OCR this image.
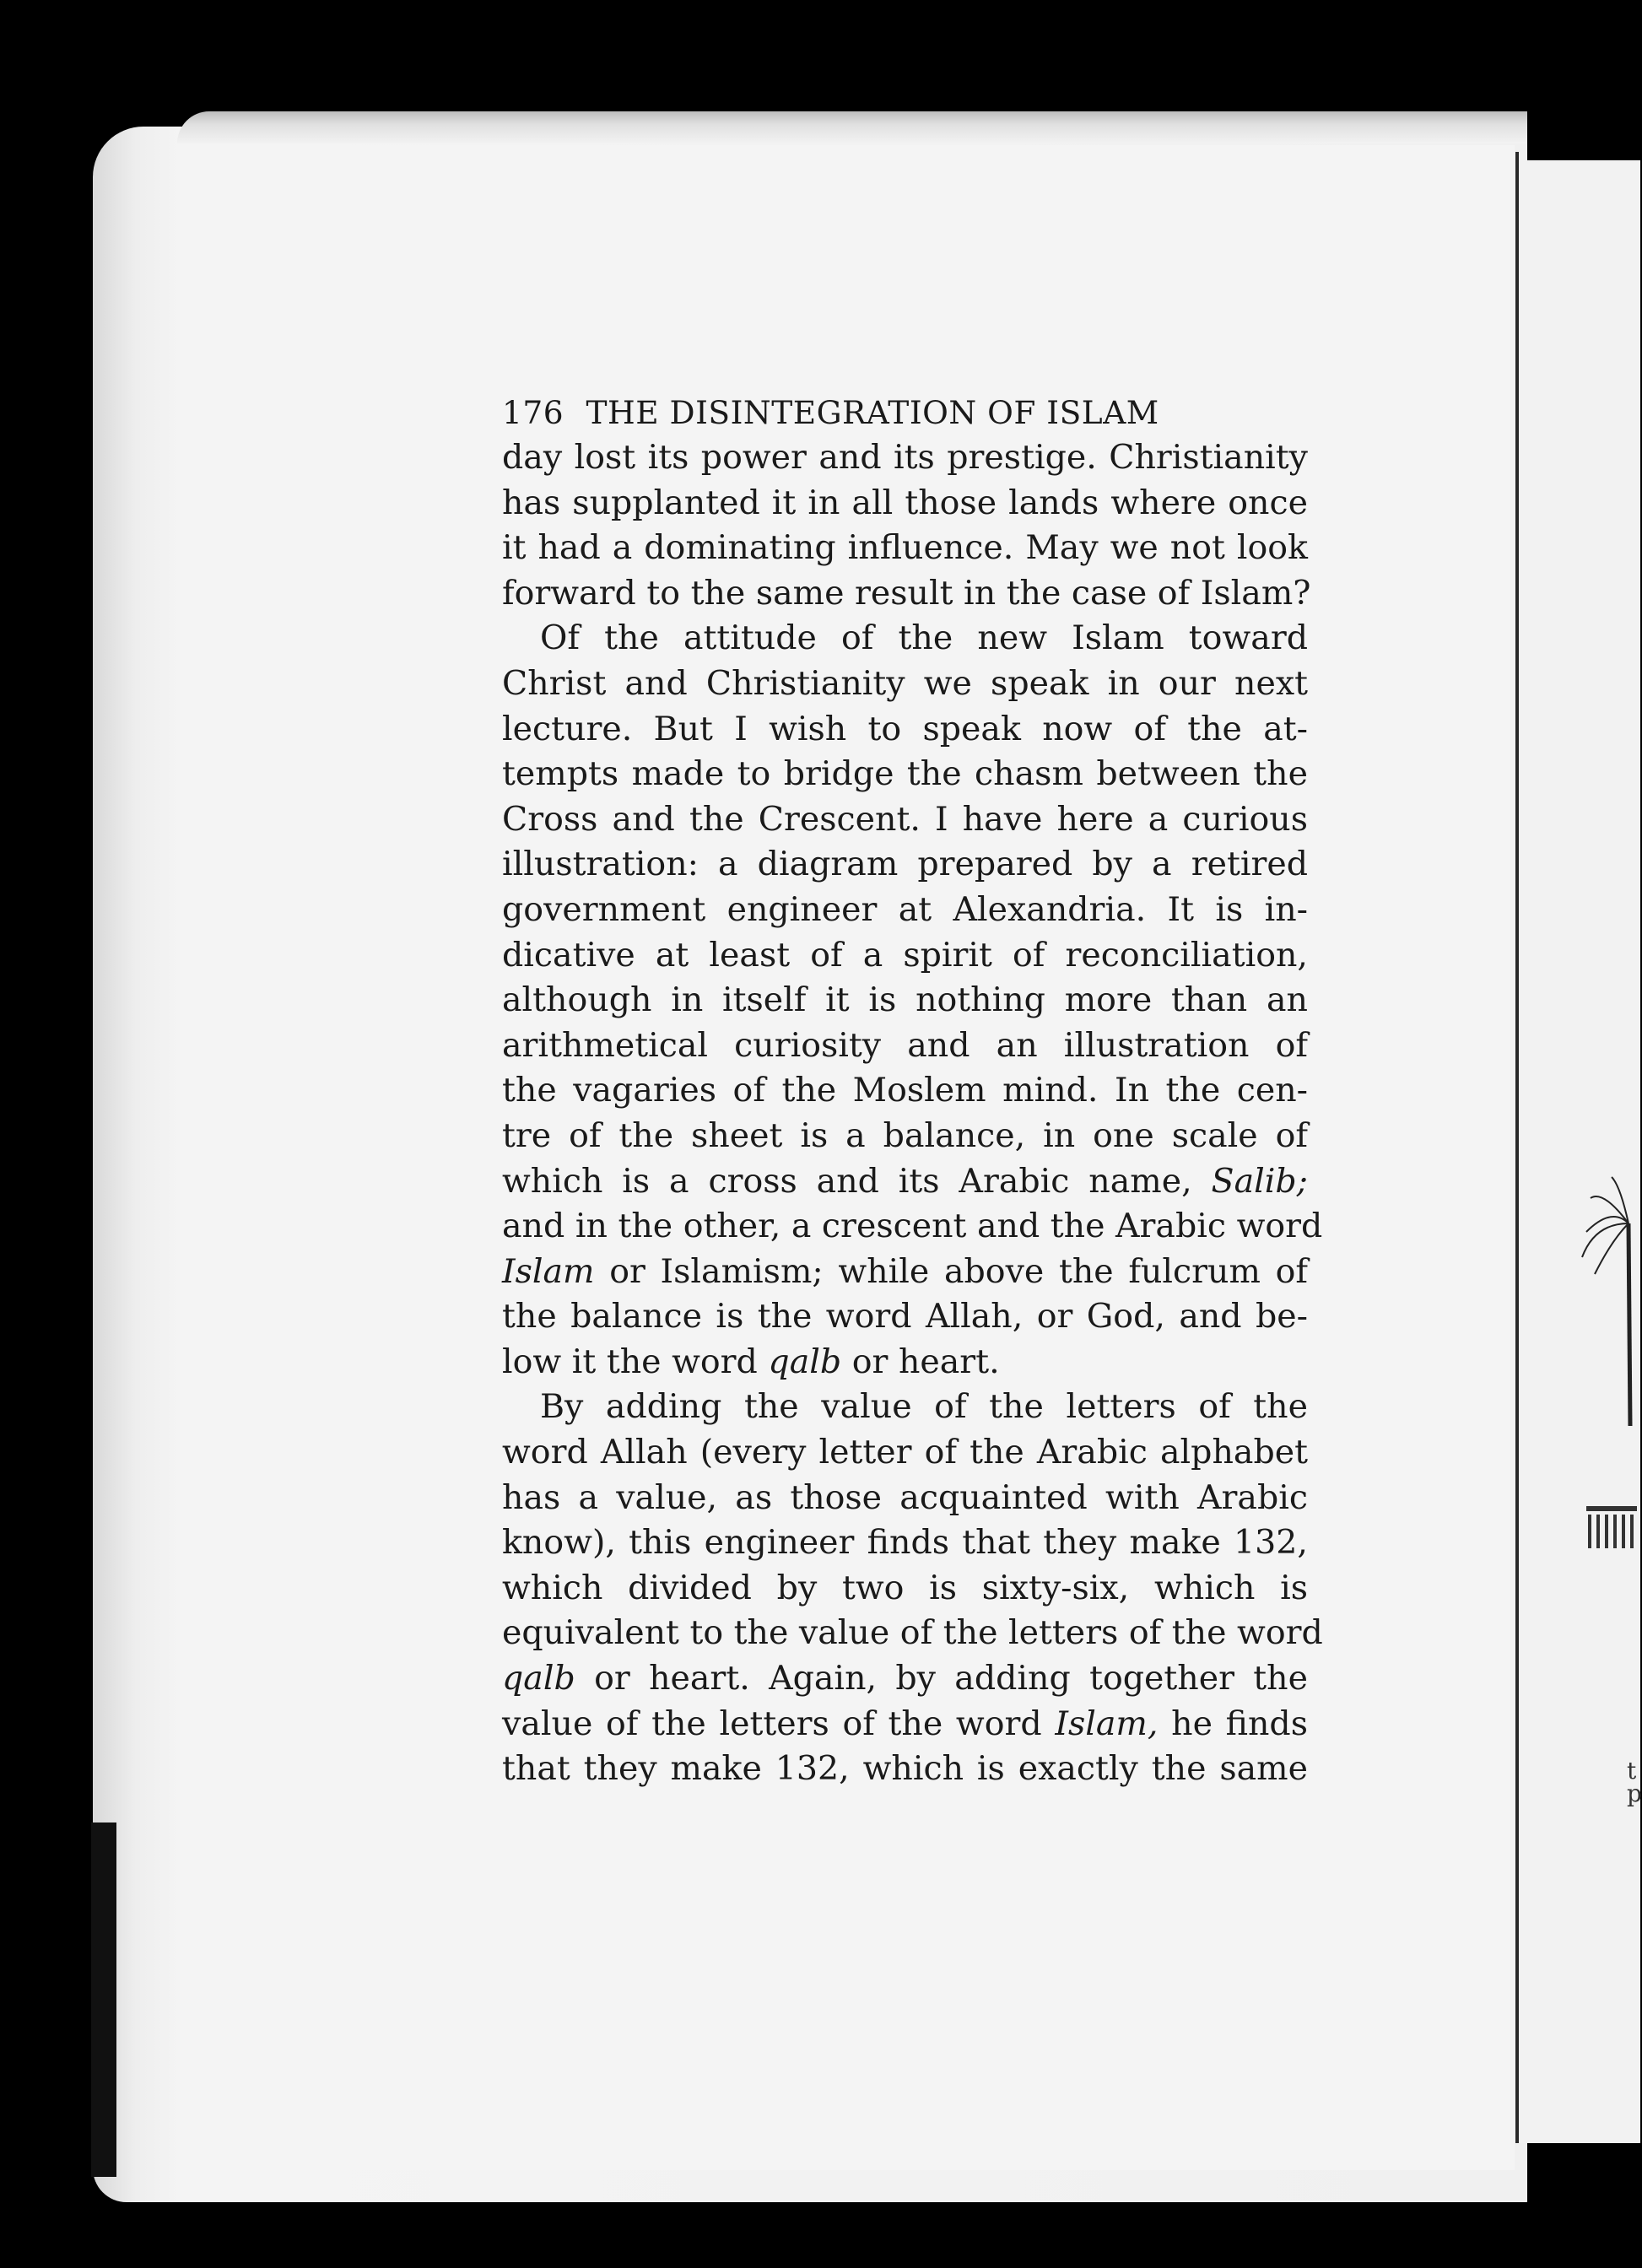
t
p
176 THE DISINTEGRATION OF ISLAM
day lost its power and its prestige. Christianity
has supplanted it in all those lands where once
it had a dominating influence. May we not look
forward to the same result in the case of Islam?
Of the attitude of the new Islam toward
Christ and Christianity we speak in our next
lecture. But I wish to speak now of the at-
tempts made to bridge the chasm between the
Cross and the Crescent. I have here a curious
illustration: a diagram prepared by a retired
government engineer at Alexandria. It is in-
dicative at least of a spirit of reconciliation,
although in itself it is nothing more than an
arithmetical curiosity and an illustration of
the vagaries of the Moslem mind. In the cen-
tre of the sheet is a balance, in one scale of
which is a cross and its Arabic name, Salib;
and in the other, a crescent and the Arabic word
Islam or Islamism; while above the fulcrum of
the balance is the word Allah, or God, and be-
low it the word qalb or heart.
By adding the value of the letters of the
word Allah (every letter of the Arabic alphabet
has a value, as those acquainted with Arabic
know), this engineer finds that they make 132,
which divided by two is sixty-six, which is
equivalent to the value of the letters of the word
qalb or heart. Again, by adding together the
value of the letters of the word Islam, he finds
that they make 132, which is exactly the same
